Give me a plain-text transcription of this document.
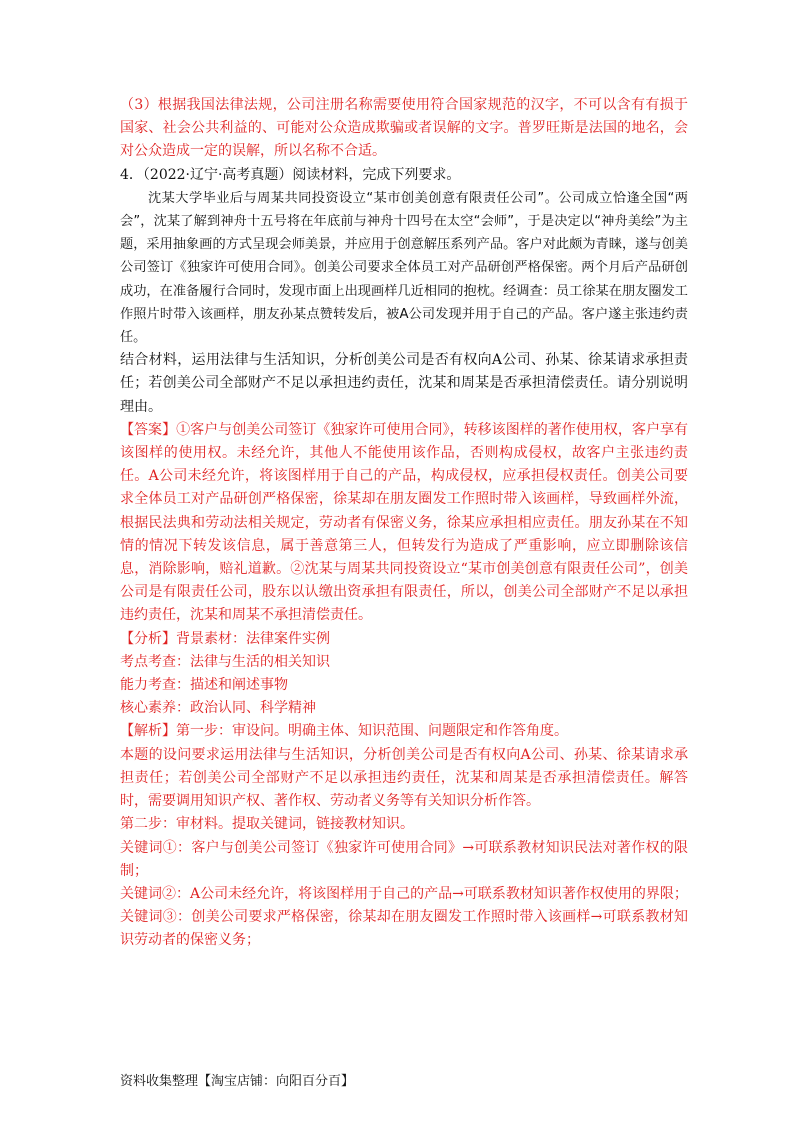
（3）根据我国法律法规，公司注册名称需要使用符合国家规范的汉字，不可以含有有损于国家、社会公共利益的、可能对公众造成欺骗或者误解的文字。普罗旺斯是法国的地名，会对公众造成一定的误解，所以名称不合适。

4．（2022·辽宁·高考真题）阅读材料，完成下列要求。

沈某大学毕业后与周某共同投资设立“某市创美创意有限责任公司”。公司成立恰逢全国“两会”，沈某了解到神舟十五号将在年底前与神舟十四号在太空“会师”，于是决定以“神舟美绘”为主题，采用抽象画的方式呈现会师美景，并应用于创意解压系列产品。客户对此颇为青睐，遂与创美公司签订《独家许可使用合同》。创美公司要求全体员工对产品研创严格保密。两个月后产品研创成功，在准备履行合同时，发现市面上出现画样几近相同的抱枕。经调查：员工徐某在朋友圈发工作照片时带入该画样，朋友孙某点赞转发后，被A公司发现并用于自己的产品。客户遂主张违约责任。

结合材料，运用法律与生活知识，分析创美公司是否有权向A公司、孙某、徐某请求承担责任；若创美公司全部财产不足以承担违约责任，沈某和周某是否承担清偿责任。请分别说明理由。

【答案】①客户与创美公司签订《独家许可使用合同》，转移该图样的著作使用权，客户享有该图样的使用权。未经允许，其他人不能使用该作品，否则构成侵权，故客户主张违约责任。A公司未经允许，将该图样用于自己的产品，构成侵权，应承担侵权责任。创美公司要求全体员工对产品研创严格保密，徐某却在朋友圈发工作照时带入该画样，导致画样外流，根据民法典和劳动法相关规定，劳动者有保密义务，徐某应承担相应责任。朋友孙某在不知情的情况下转发该信息，属于善意第三人，但转发行为造成了严重影响，应立即删除该信息，消除影响，赔礼道歉。②沈某与周某共同投资设立“某市创美创意有限责任公司”，创美公司是有限责任公司，股东以认缴出资承担有限责任，所以，创美公司全部财产不足以承担违约责任，沈某和周某不承担清偿责任。

【分析】背景素材：法律案件实例

考点考查：法律与生活的相关知识

能力考查：描述和阐述事物

核心素养：政治认同、科学精神

【解析】第一步：审设问。明确主体、知识范围、问题限定和作答角度。

本题的设问要求运用法律与生活知识，分析创美公司是否有权向A公司、孙某、徐某请求承担责任；若创美公司全部财产不足以承担违约责任，沈某和周某是否承担清偿责任。解答时，需要调用知识产权、著作权、劳动者义务等有关知识分析作答。

第二步：审材料。提取关键词，链接教材知识。

关键词①：客户与创美公司签订《独家许可使用合同》→可联系教材知识民法对著作权的限制；

关键词②：A公司未经允许，将该图样用于自己的产品→可联系教材知识著作权使用的界限；

关键词③：创美公司要求严格保密，徐某却在朋友圈发工作照时带入该画样→可联系教材知识劳动者的保密义务；

资料收集整理【淘宝店铺：向阳百分百】
